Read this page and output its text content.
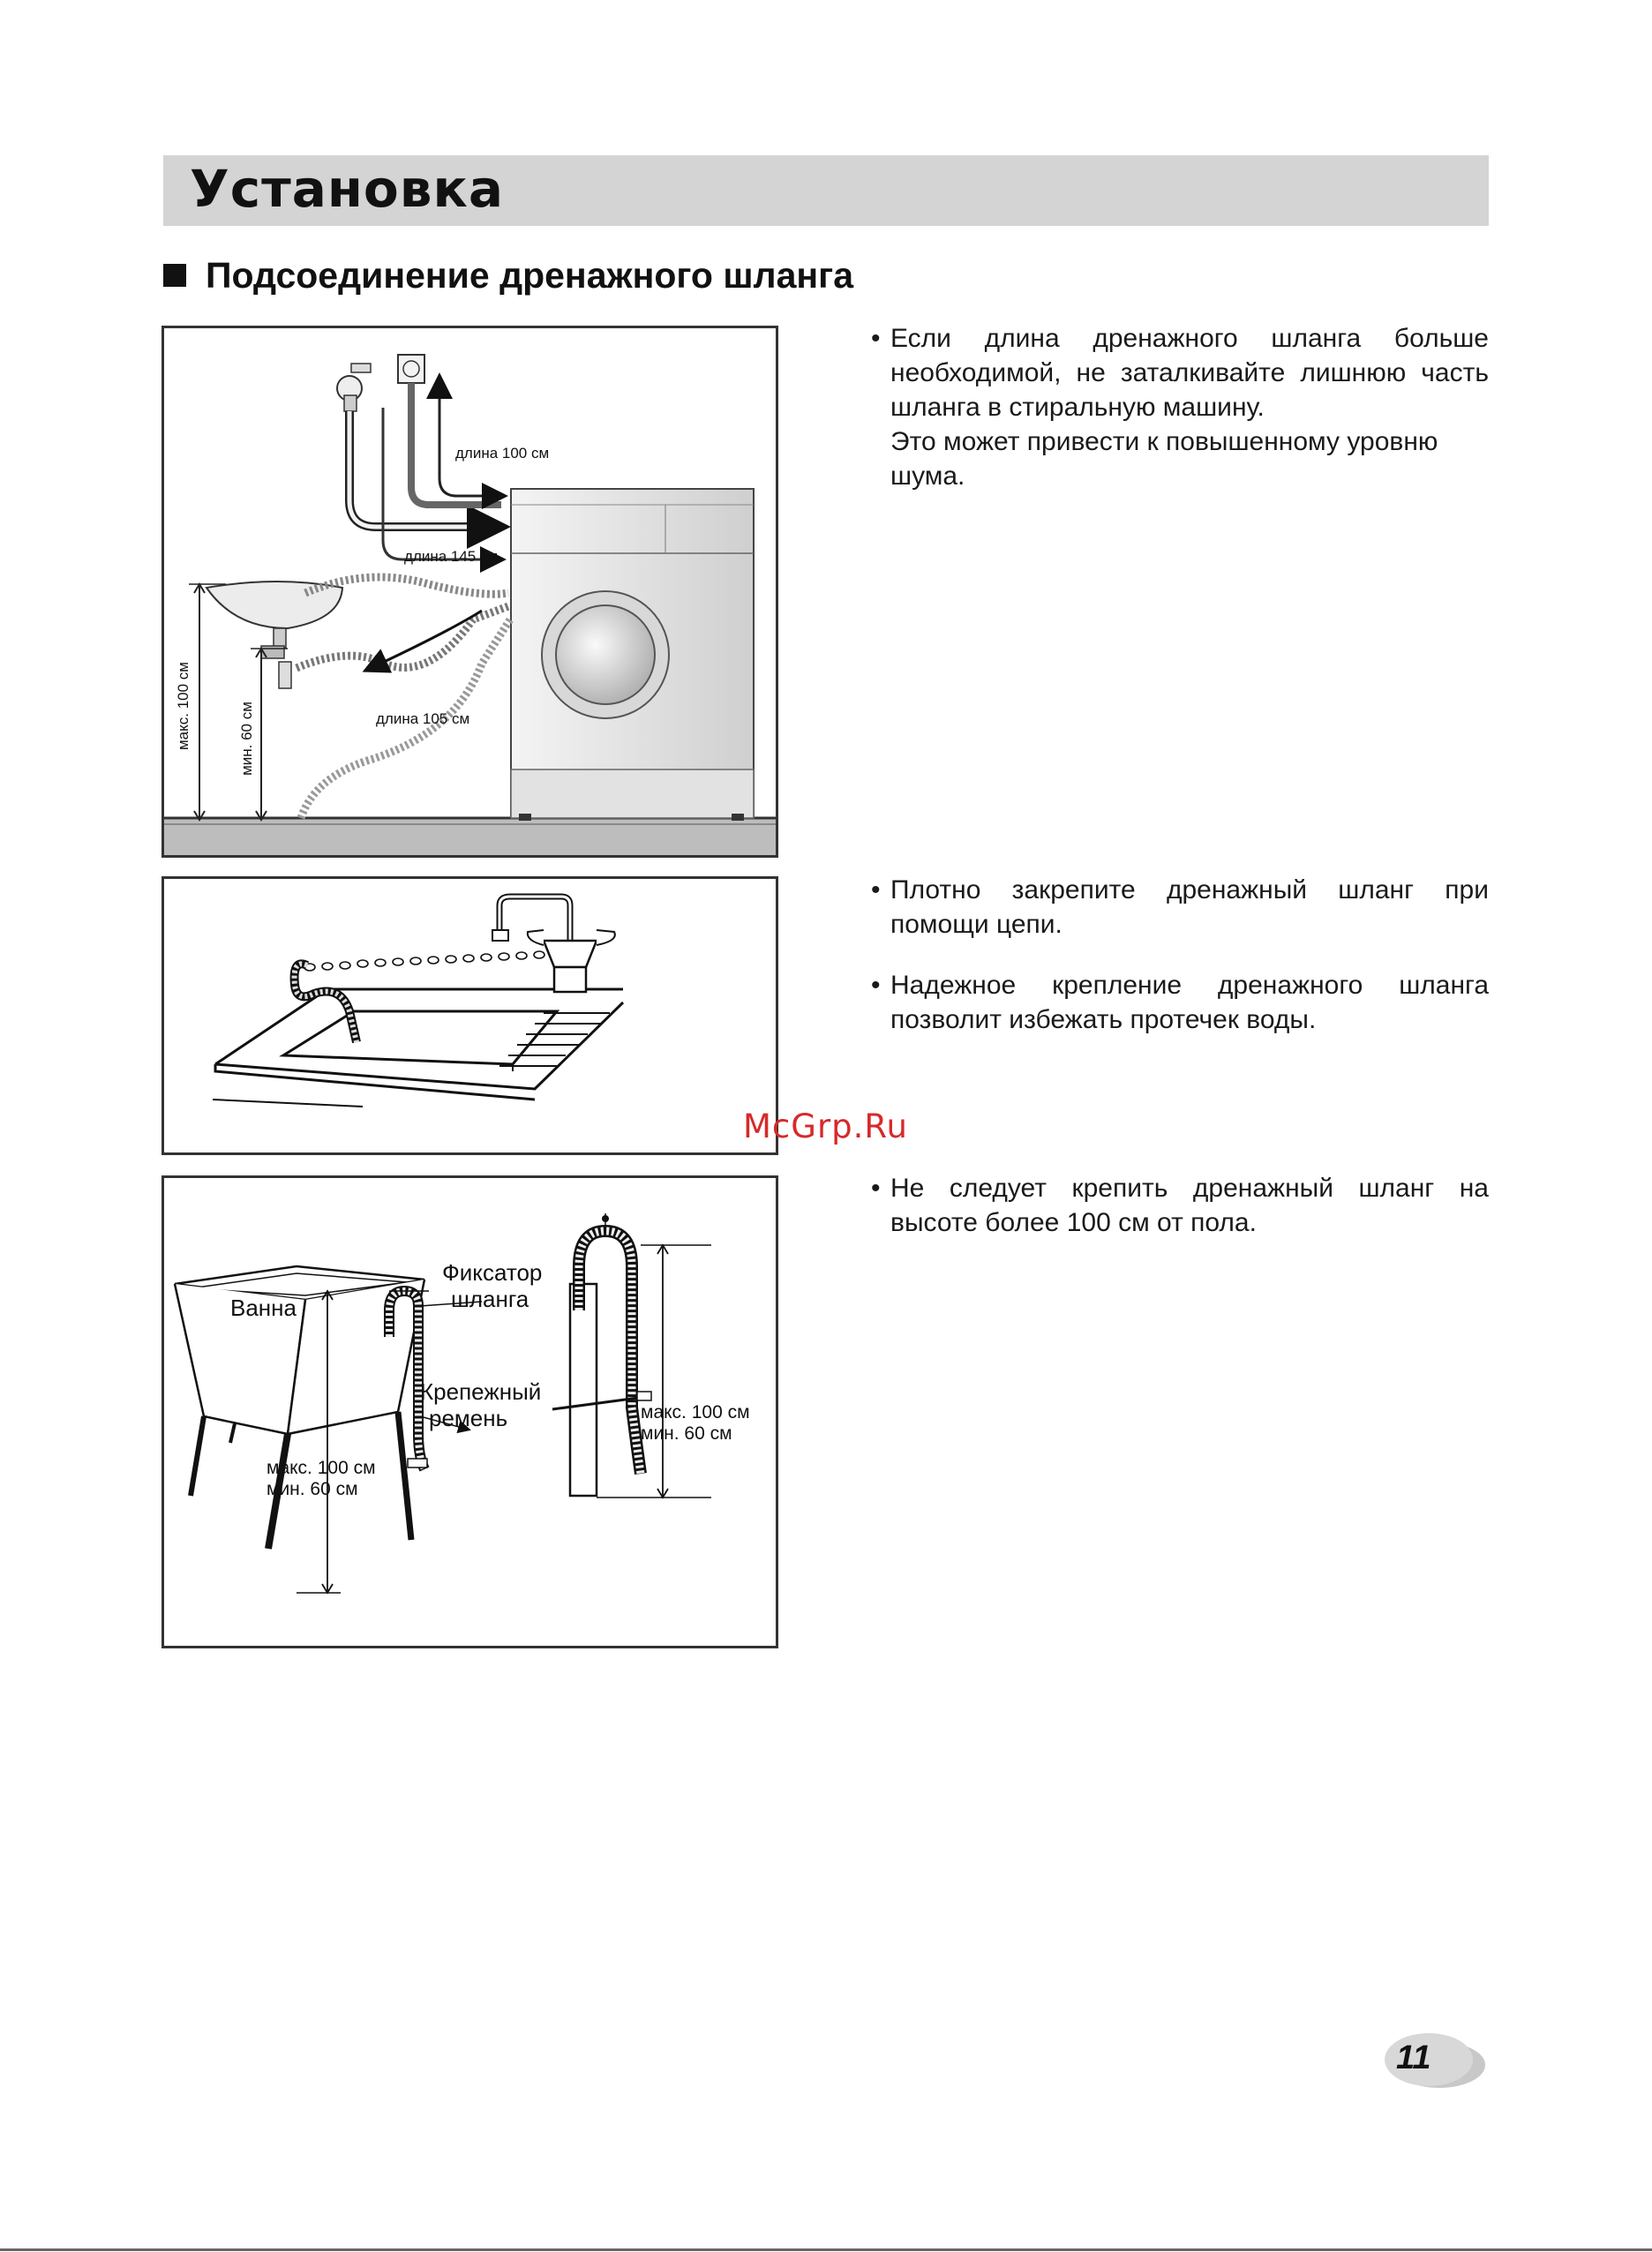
Установка
Подсоединение дренажного шланга
длина 100 см
длина 145 см
длина 105 см
макс. 100 см	мин. 60 см
Ванна
Фиксатор
шланга
Крепежный
ремень
макс. 100 см
мин. 60 см
макс. 100 см
мин. 60 см
• Если длина дренажного шланга больше необходимой, не заталкивайте лишнюю часть шланга в стиральную машину.
Это может привести к повышенному уровню шума.
• Плотно закрепите дренажный шланг при помощи цепи.
• Надежное крепление дренажного шланга позволит избежать протечек воды.
• Не следует крепить дренажный шланг на высоте более 100 см от пола.
McGrp.Ru
11
